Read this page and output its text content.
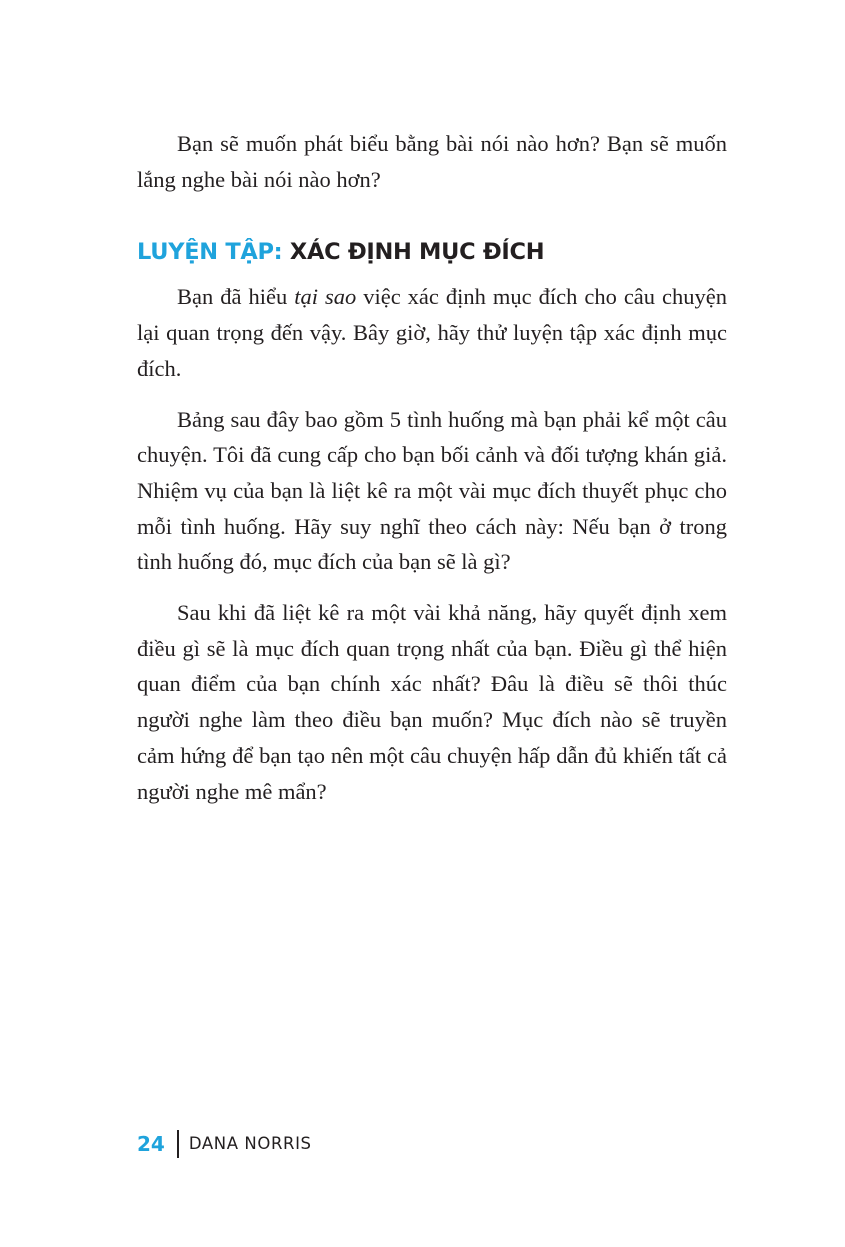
Bạn sẽ muốn phát biểu bằng bài nói nào hơn? Bạn sẽ muốn lắng nghe bài nói nào hơn?

LUYỆN TẬP: XÁC ĐỊNH MỤC ĐÍCH

Bạn đã hiểu tại sao việc xác định mục đích cho câu chuyện lại quan trọng đến vậy. Bây giờ, hãy thử luyện tập xác định mục đích.

Bảng sau đây bao gồm 5 tình huống mà bạn phải kể một câu chuyện. Tôi đã cung cấp cho bạn bối cảnh và đối tượng khán giả. Nhiệm vụ của bạn là liệt kê ra một vài mục đích thuyết phục cho mỗi tình huống. Hãy suy nghĩ theo cách này: Nếu bạn ở trong tình huống đó, mục đích của bạn sẽ là gì?

Sau khi đã liệt kê ra một vài khả năng, hãy quyết định xem điều gì sẽ là mục đích quan trọng nhất của bạn. Điều gì thể hiện quan điểm của bạn chính xác nhất? Đâu là điều sẽ thôi thúc người nghe làm theo điều bạn muốn? Mục đích nào sẽ truyền cảm hứng để bạn tạo nên một câu chuyện hấp dẫn đủ khiến tất cả người nghe mê mẩn?

24 DANA NORRIS
